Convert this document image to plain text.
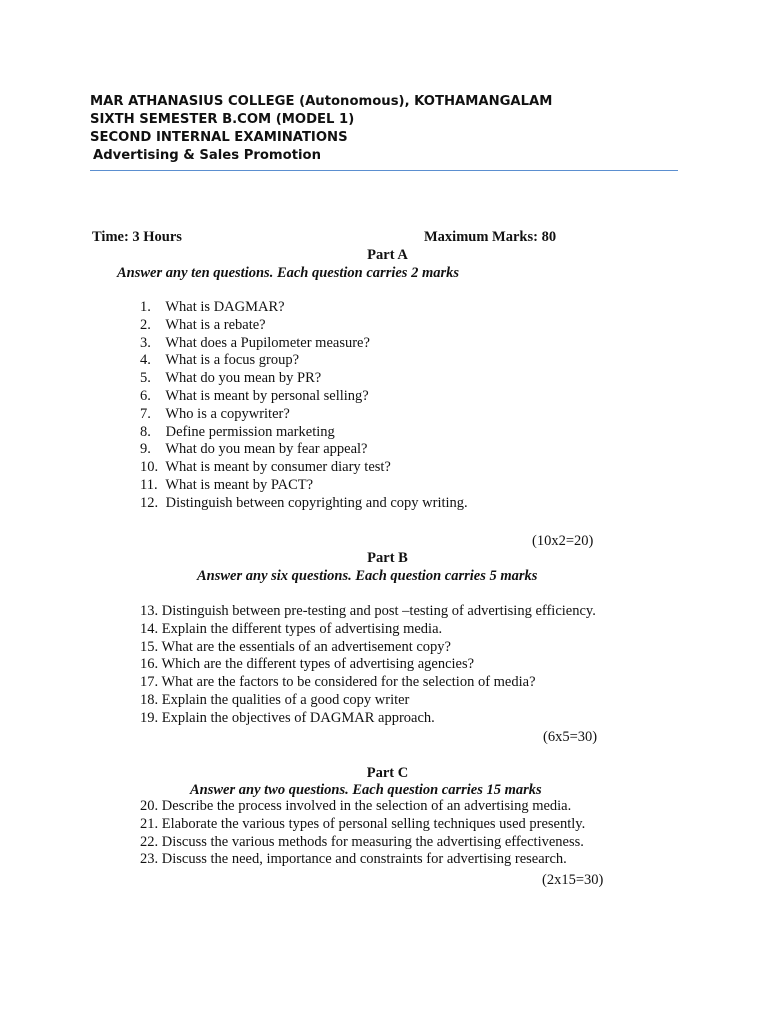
MAR ATHANASIUS COLLEGE (Autonomous), KOTHAMANGALAM
SIXTH SEMESTER B.COM (MODEL 1)
SECOND INTERNAL EXAMINATIONS
Advertising & Sales Promotion
Time: 3 Hours	Maximum Marks: 80
Part A
Answer any ten questions. Each question carries 2 marks
1. What is DAGMAR?
2. What is a rebate?
3. What does a Pupilometer measure?
4. What is a focus group?
5. What do you mean by PR?
6. What is meant by personal selling?
7. Who is a copywriter?
8. Define permission marketing
9. What do you mean by fear appeal?
10. What is meant by consumer diary test?
11. What is meant by PACT?
12. Distinguish between copyrighting and copy writing.
(10x2=20)
Part B
Answer any six questions. Each question carries 5 marks
13. Distinguish between pre-testing and post –testing of advertising efficiency.
14. Explain the different types of advertising media.
15. What are the essentials of an advertisement copy?
16. Which are the different types of advertising agencies?
17. What are the factors to be considered for the selection of media?
18. Explain the qualities of a good copy writer
19. Explain the objectives of DAGMAR approach.
(6x5=30)
Part C
Answer any two questions. Each question carries 15 marks
20. Describe the process involved in the selection of an advertising media.
21. Elaborate the various types of personal selling techniques used presently.
22. Discuss the various methods for measuring the advertising effectiveness.
23. Discuss the need, importance and constraints for advertising research.
(2x15=30)
